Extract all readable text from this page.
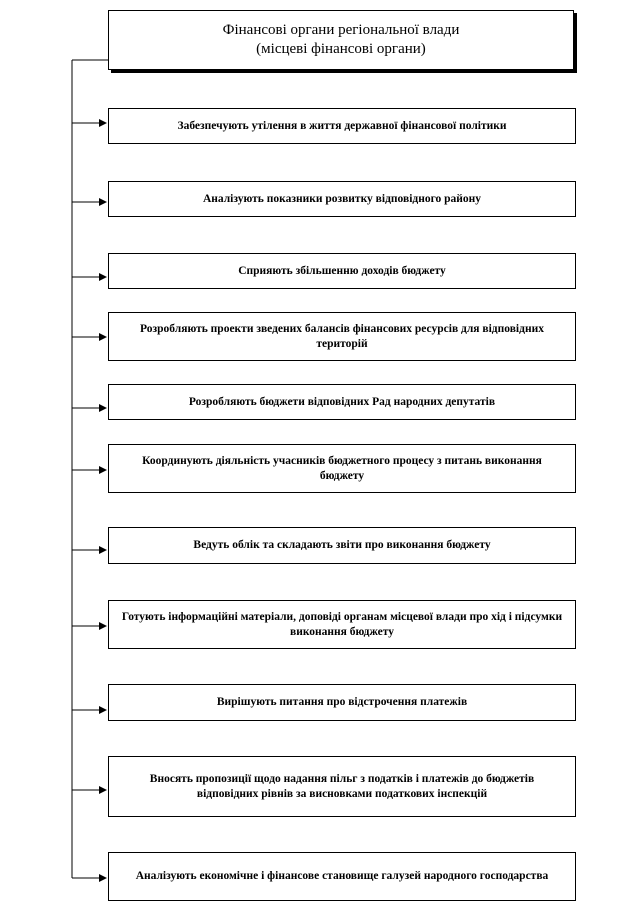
Фінансові органи регіональної влади
(місцеві фінансові органи)
Забезпечують утілення в життя державної фінансової політики
Аналізують показники розвитку відповідного району
Сприяють збільшенню доходів бюджету
Розробляють проекти зведених балансів фінансових ресурсів для відповідних територій
Розробляють бюджети відповідних Рад народних депутатів
Координують діяльність учасників бюджетного процесу з питань виконання бюджету
Ведуть облік та складають звіти про виконання бюджету
Готують інформаційні матеріали, доповіді органам місцевої влади про хід і підсумки виконання бюджету
Вирішують питання про відстрочення платежів
Вносять пропозиції щодо надання пільг з податків і платежів до бюджетів відповідних рівнів за висновками податкових інспекцій
Аналізують економічне і фінансове становище галузей народного господарства
